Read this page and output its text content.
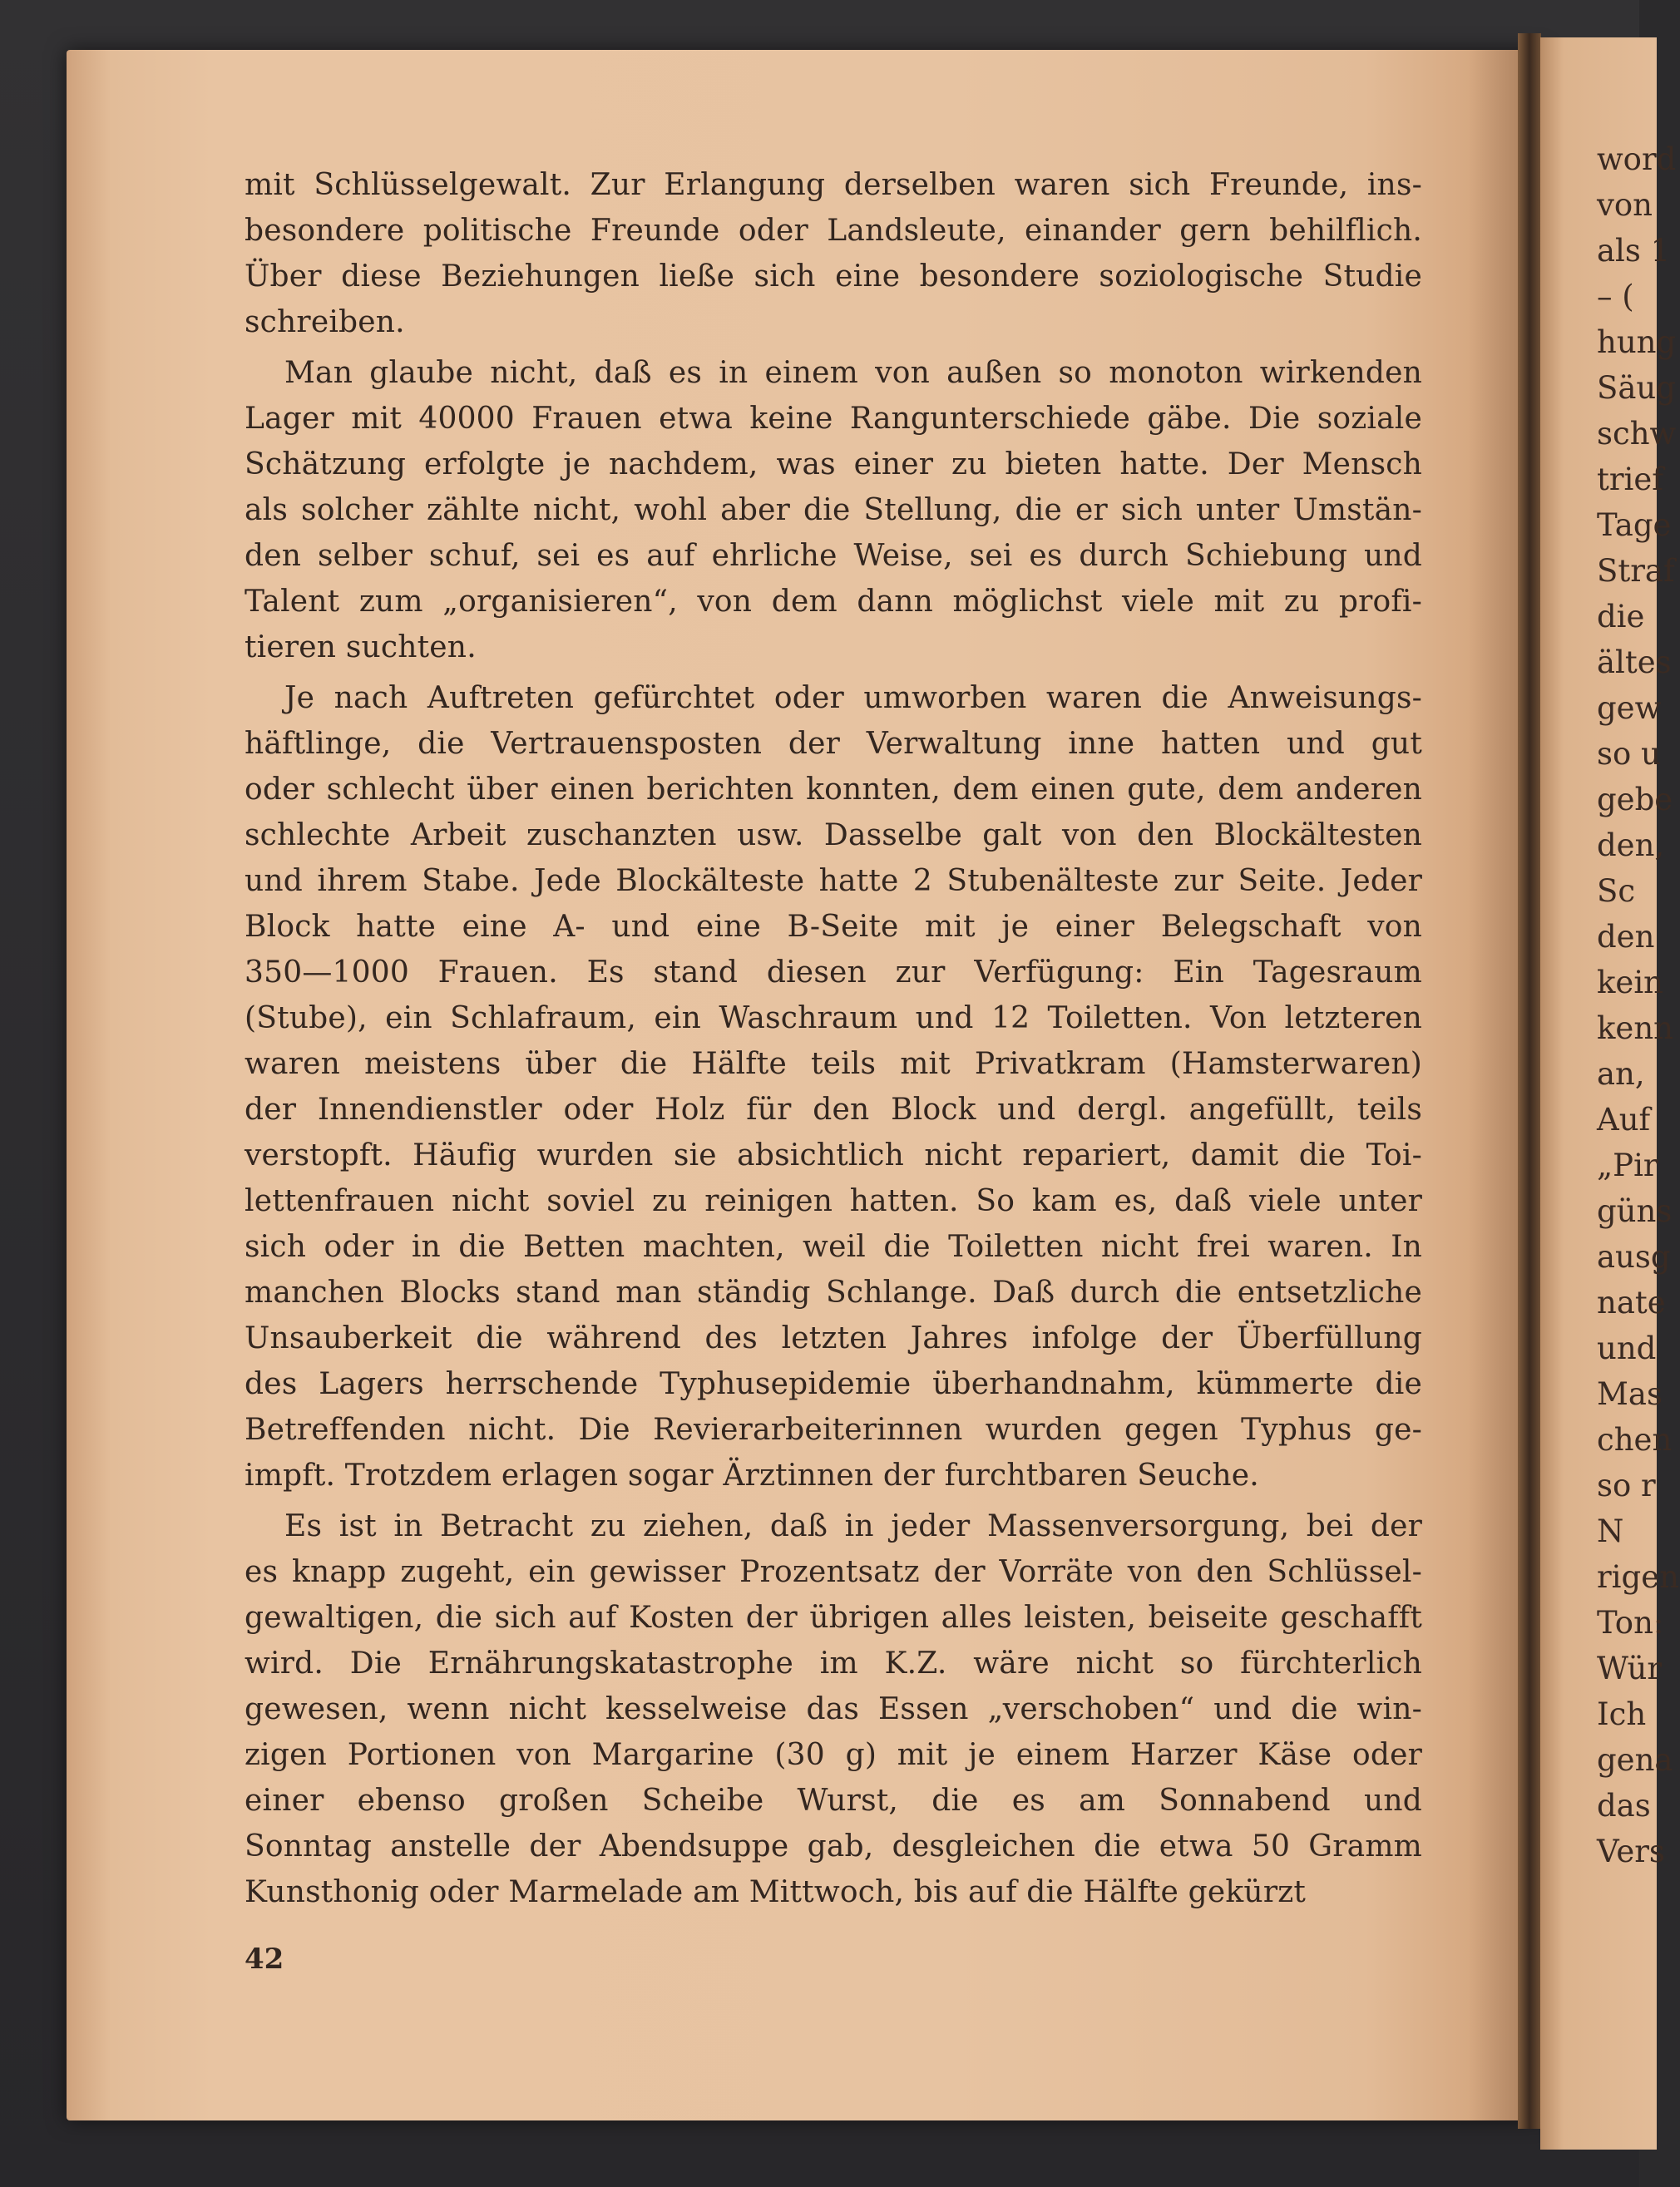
word
von
als 1
– (
hung
Säug
schw
trief
Tage
Straf
die
ältes
gew
so u
gebe
den,
Sc
den
kein
kenn
an,
Auf
„Pir
güns
ausg
nate
und
Mas
chen
so r
N
rigen
Ton:
Wür
Ich
gena
das
Vers
mit Schlüsselgewalt. Zur Erlangung derselben waren sich Freunde, ins-
besondere politische Freunde oder Landsleute, einander gern behilflich.
Über diese Beziehungen ließe sich eine besondere soziologische Studie
schreiben.
Man glaube nicht, daß es in einem von außen so monoton wirkenden
Lager mit 40000 Frauen etwa keine Rangunterschiede gäbe. Die soziale
Schätzung erfolgte je nachdem, was einer zu bieten hatte. Der Mensch
als solcher zählte nicht, wohl aber die Stellung, die er sich unter Umstän-
den selber schuf, sei es auf ehrliche Weise, sei es durch Schiebung und
Talent zum „organisieren“, von dem dann möglichst viele mit zu profi-
tieren suchten.
Je nach Auftreten gefürchtet oder umworben waren die Anweisungs-
häftlinge, die Vertrauensposten der Verwaltung inne hatten und gut
oder schlecht über einen berichten konnten, dem einen gute, dem anderen
schlechte Arbeit zuschanzten usw. Dasselbe galt von den Blockältesten
und ihrem Stabe. Jede Blockälteste hatte 2 Stubenälteste zur Seite. Jeder
Block hatte eine A- und eine B-Seite mit je einer Belegschaft von
350—1000 Frauen. Es stand diesen zur Verfügung: Ein Tagesraum
(Stube), ein Schlafraum, ein Waschraum und 12 Toiletten. Von letzteren
waren meistens über die Hälfte teils mit Privatkram (Hamsterwaren)
der Innendienstler oder Holz für den Block und dergl. angefüllt, teils
verstopft. Häufig wurden sie absichtlich nicht repariert, damit die Toi-
lettenfrauen nicht soviel zu reinigen hatten. So kam es, daß viele unter
sich oder in die Betten machten, weil die Toiletten nicht frei waren. In
manchen Blocks stand man ständig Schlange. Daß durch die entsetzliche
Unsauberkeit die während des letzten Jahres infolge der Überfüllung
des Lagers herrschende Typhusepidemie überhandnahm, kümmerte die
Betreffenden nicht. Die Revierarbeiterinnen wurden gegen Typhus ge-
impft. Trotzdem erlagen sogar Ärztinnen der furchtbaren Seuche.
Es ist in Betracht zu ziehen, daß in jeder Massenversorgung, bei der
es knapp zugeht, ein gewisser Prozentsatz der Vorräte von den Schlüssel-
gewaltigen, die sich auf Kosten der übrigen alles leisten, beiseite geschafft
wird. Die Ernährungskatastrophe im K.Z. wäre nicht so fürchterlich
gewesen, wenn nicht kesselweise das Essen „verschoben“ und die win-
zigen Portionen von Margarine (30 g) mit je einem Harzer Käse oder
einer ebenso großen Scheibe Wurst, die es am Sonnabend und
Sonntag anstelle der Abendsuppe gab, desgleichen die etwa 50 Gramm
Kunsthonig oder Marmelade am Mittwoch, bis auf die Hälfte gekürzt
42
